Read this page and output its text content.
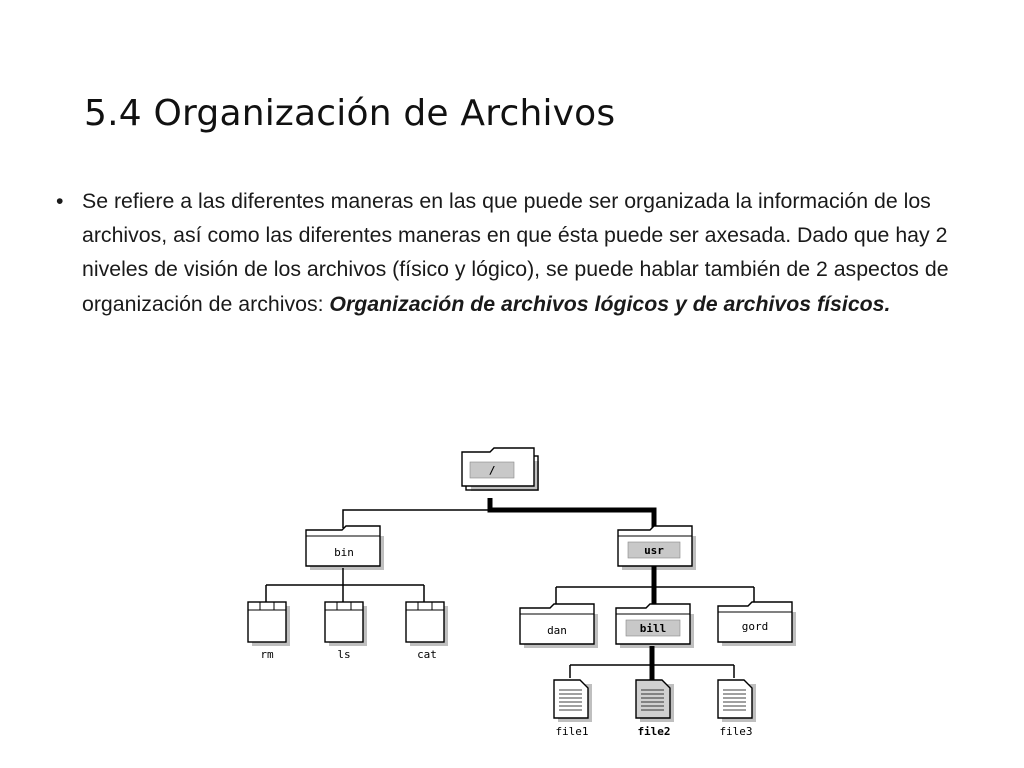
5.4 Organización de Archivos
• Se refiere a las diferentes maneras en las que puede ser organizada la información de los archivos, así como las diferentes maneras en que ésta puede ser axesada. Dado que hay 2 niveles de visión de los archivos (físico y lógico), se puede hablar también de 2 aspectos de organización de archivos: Organización de archivos lógicos y de archivos físicos.
/
bin	usr
rm	ls	cat
dan	bill	gord
file1	file2	file3
